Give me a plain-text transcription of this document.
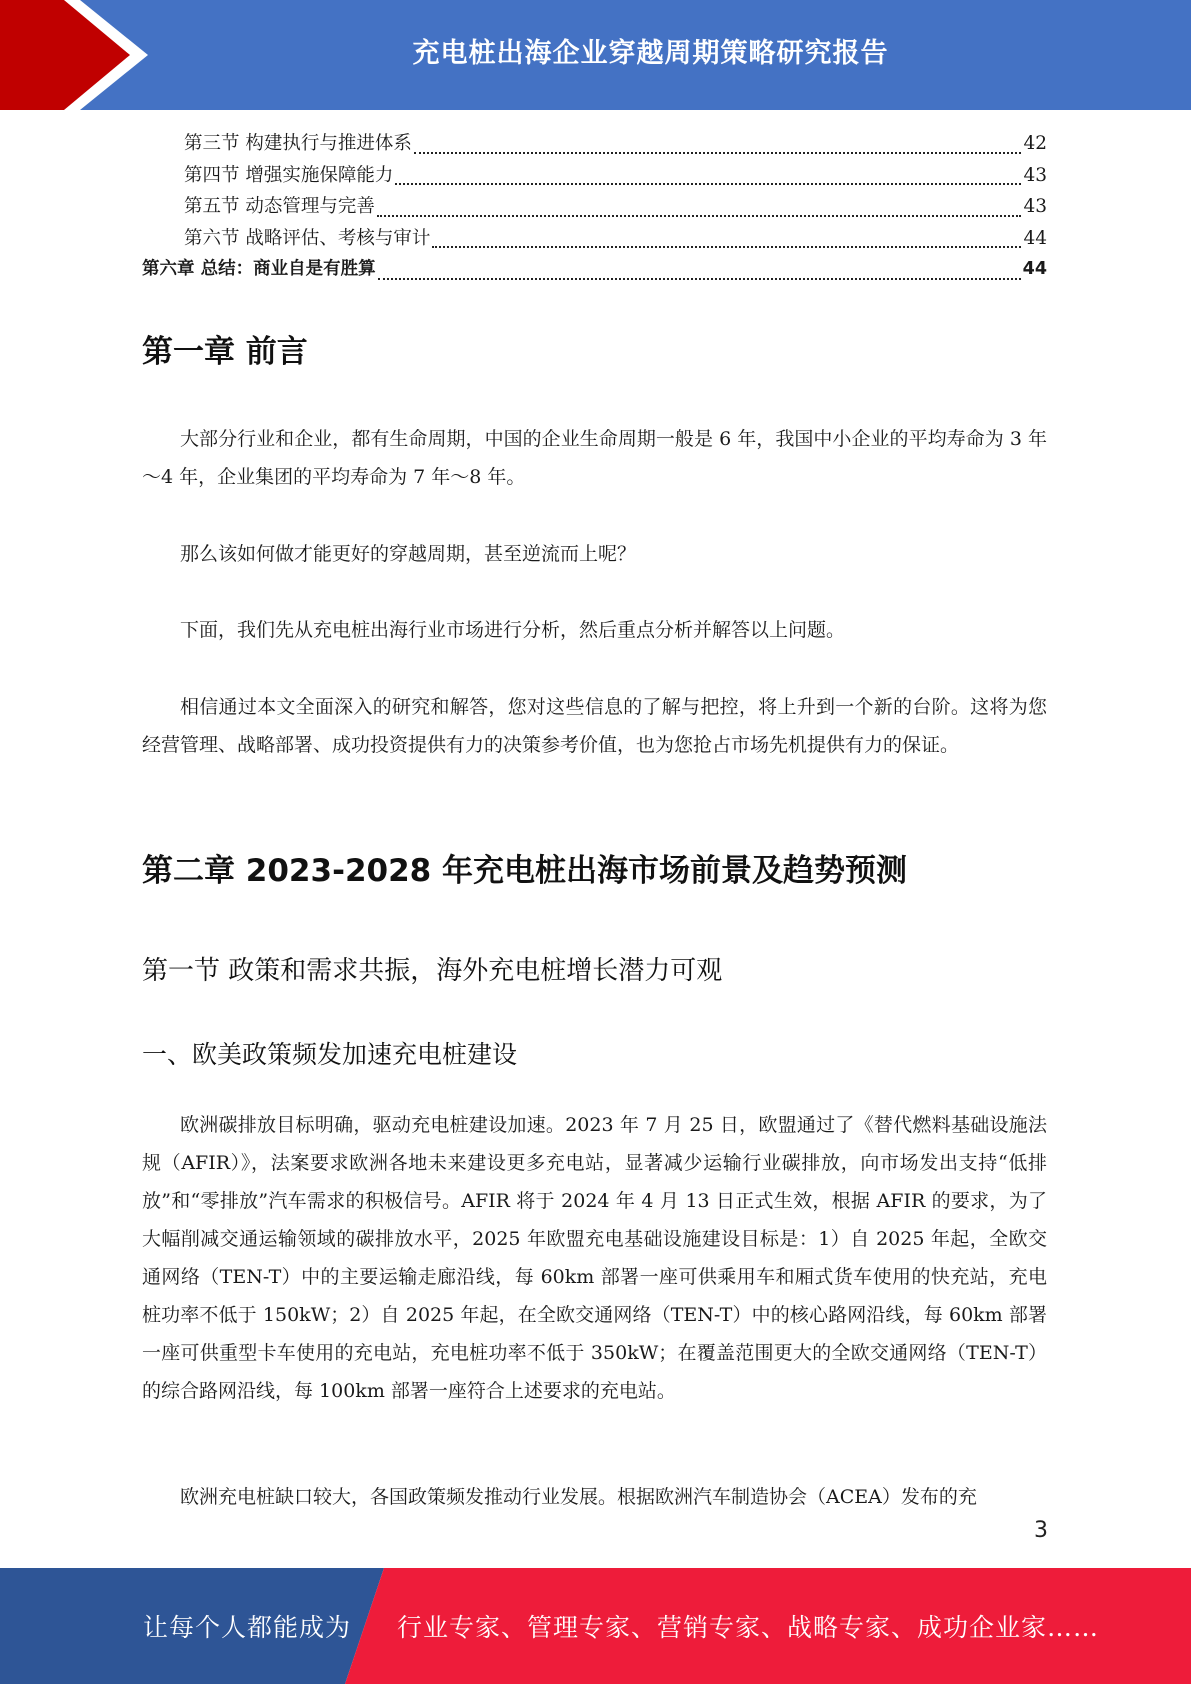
充电桩出海企业穿越周期策略研究报告
第三节 构建执行与推进体系	42
第四节 增强实施保障能力	43
第五节 动态管理与完善	43
第六节 战略评估、考核与审计	44
第六章 总结：商业自是有胜算	44
第一章 前言

大部分行业和企业，都有生命周期，中国的企业生命周期一般是 6 年，我国中小企业的平均寿命为 3 年～4 年，企业集团的平均寿命为 7 年～8 年。

那么该如何做才能更好的穿越周期，甚至逆流而上呢？

下面，我们先从充电桩出海行业市场进行分析，然后重点分析并解答以上问题。

相信通过本文全面深入的研究和解答，您对这些信息的了解与把控，将上升到一个新的台阶。这将为您经营管理、战略部署、成功投资提供有力的决策参考价值，也为您抢占市场先机提供有力的保证。

第二章 2023-2028 年充电桩出海市场前景及趋势预测
第一节 政策和需求共振，海外充电桩增长潜力可观
一、欧美政策频发加速充电桩建设

欧洲碳排放目标明确，驱动充电桩建设加速。2023 年 7 月 25 日，欧盟通过了《替代燃料基础设施法规（AFIR）》，法案要求欧洲各地未来建设更多充电站，显著减少运输行业碳排放，向市场发出支持“低排放”和“零排放”汽车需求的积极信号。AFIR 将于 2024 年 4 月 13 日正式生效，根据 AFIR 的要求，为了大幅削减交通运输领域的碳排放水平，2025 年欧盟充电基础设施建设目标是：1）自 2025 年起，全欧交通网络（TEN-T）中的主要运输走廊沿线，每 60km 部署一座可供乘用车和厢式货车使用的快充站，充电桩功率不低于 150kW；2）自 2025 年起，在全欧交通网络（TEN-T）中的核心路网沿线，每 60km 部署一座可供重型卡车使用的充电站，充电桩功率不低于 350kW；在覆盖范围更大的全欧交通网络（TEN-T）的综合路网沿线，每 100km 部署一座符合上述要求的充电站。

欧洲充电桩缺口较大，各国政策频发推动行业发展。根据欧洲汽车制造协会（ACEA）发布的充

3
让每个人都能成为 行业专家、管理专家、营销专家、战略专家、成功企业家……
